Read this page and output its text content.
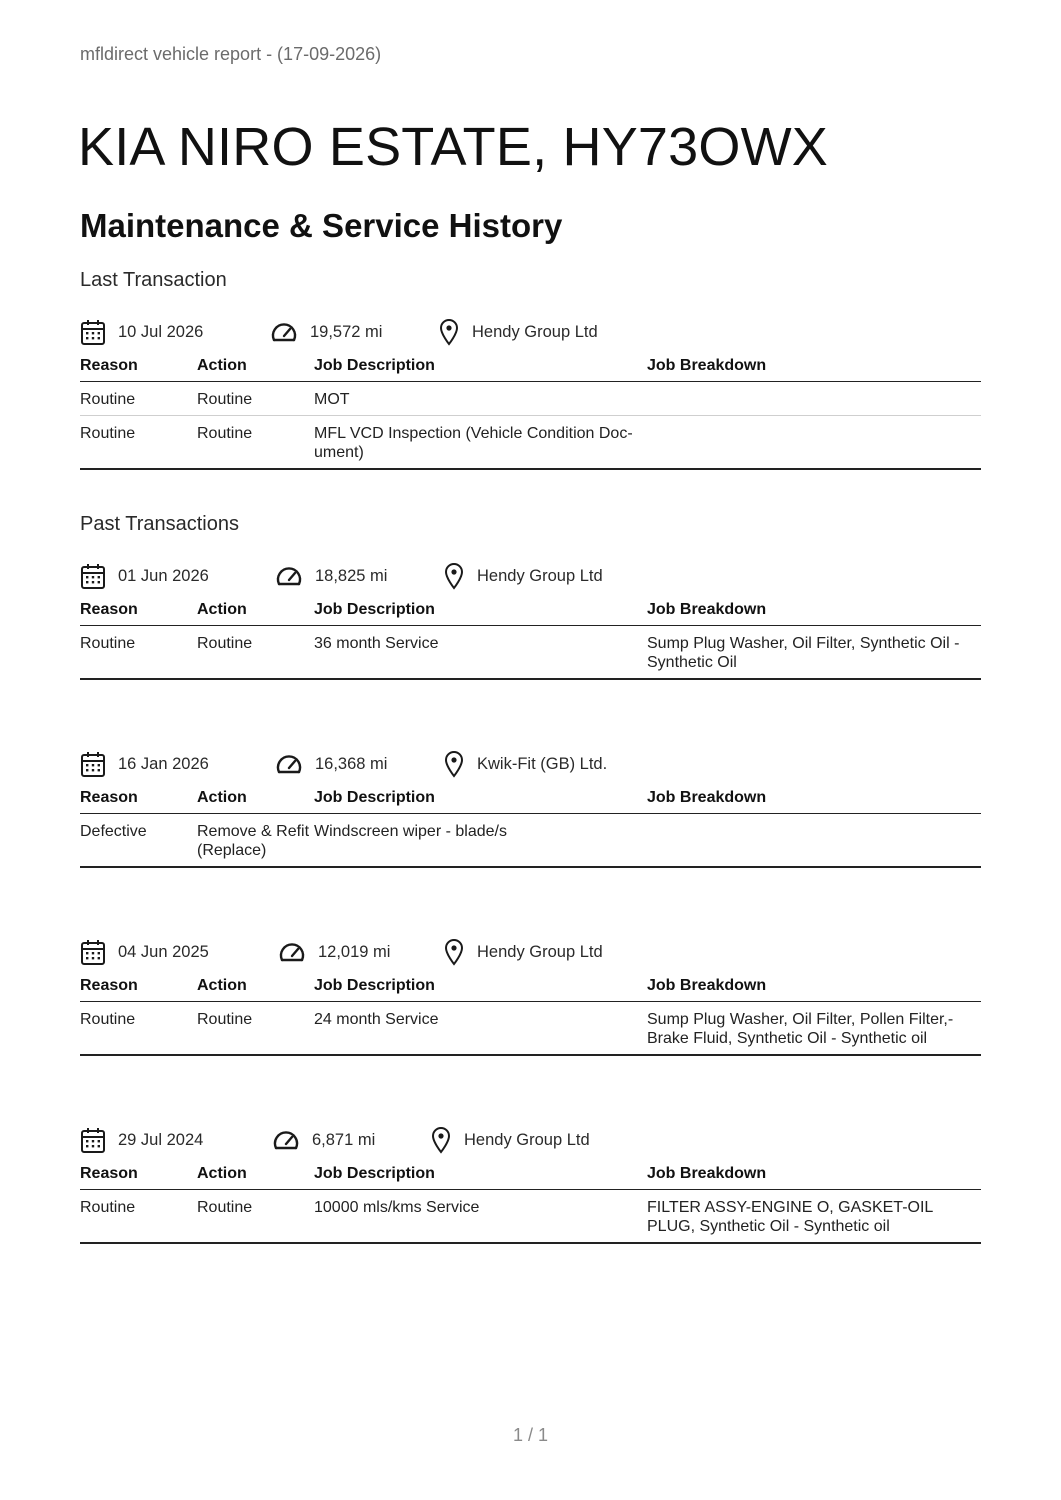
mfldirect vehicle report - (17-09-2026)
KIA NIRO ESTATE, HY73OWX
Maintenance & Service History
Last Transaction
Past Transactions
10 Jul 2026	19,572 mi	Hendy Group Ltd
Reason	Action	Job Description	Job Breakdown
Routine	Routine	MOT	
Routine	Routine	MFL VCD Inspection (Vehicle Condition Doc- ument)	
01 Jun 2026	18,825 mi	Hendy Group Ltd
Reason	Action	Job Description	Job Breakdown
Routine	Routine	36 month Service	Sump Plug Washer, Oil Filter, Synthetic Oil - Synthetic Oil
16 Jan 2026	16,368 mi	Kwik-Fit (GB) Ltd.
Reason	Action	Job Description	Job Breakdown
Defective	Remove & Refit (Replace)	Windscreen wiper - blade/s	
04 Jun 2025	12,019 mi	Hendy Group Ltd
Reason	Action	Job Description	Job Breakdown
Routine	Routine	24 month Service	Sump Plug Washer, Oil Filter, Pollen Filter,- Brake Fluid, Synthetic Oil - Synthetic oil
29 Jul 2024	6,871 mi	Hendy Group Ltd
Reason	Action	Job Description	Job Breakdown
Routine	Routine	10000 mls/kms Service	FILTER ASSY-ENGINE O, GASKET-OIL PLUG, Synthetic Oil - Synthetic oil
1 / 1
